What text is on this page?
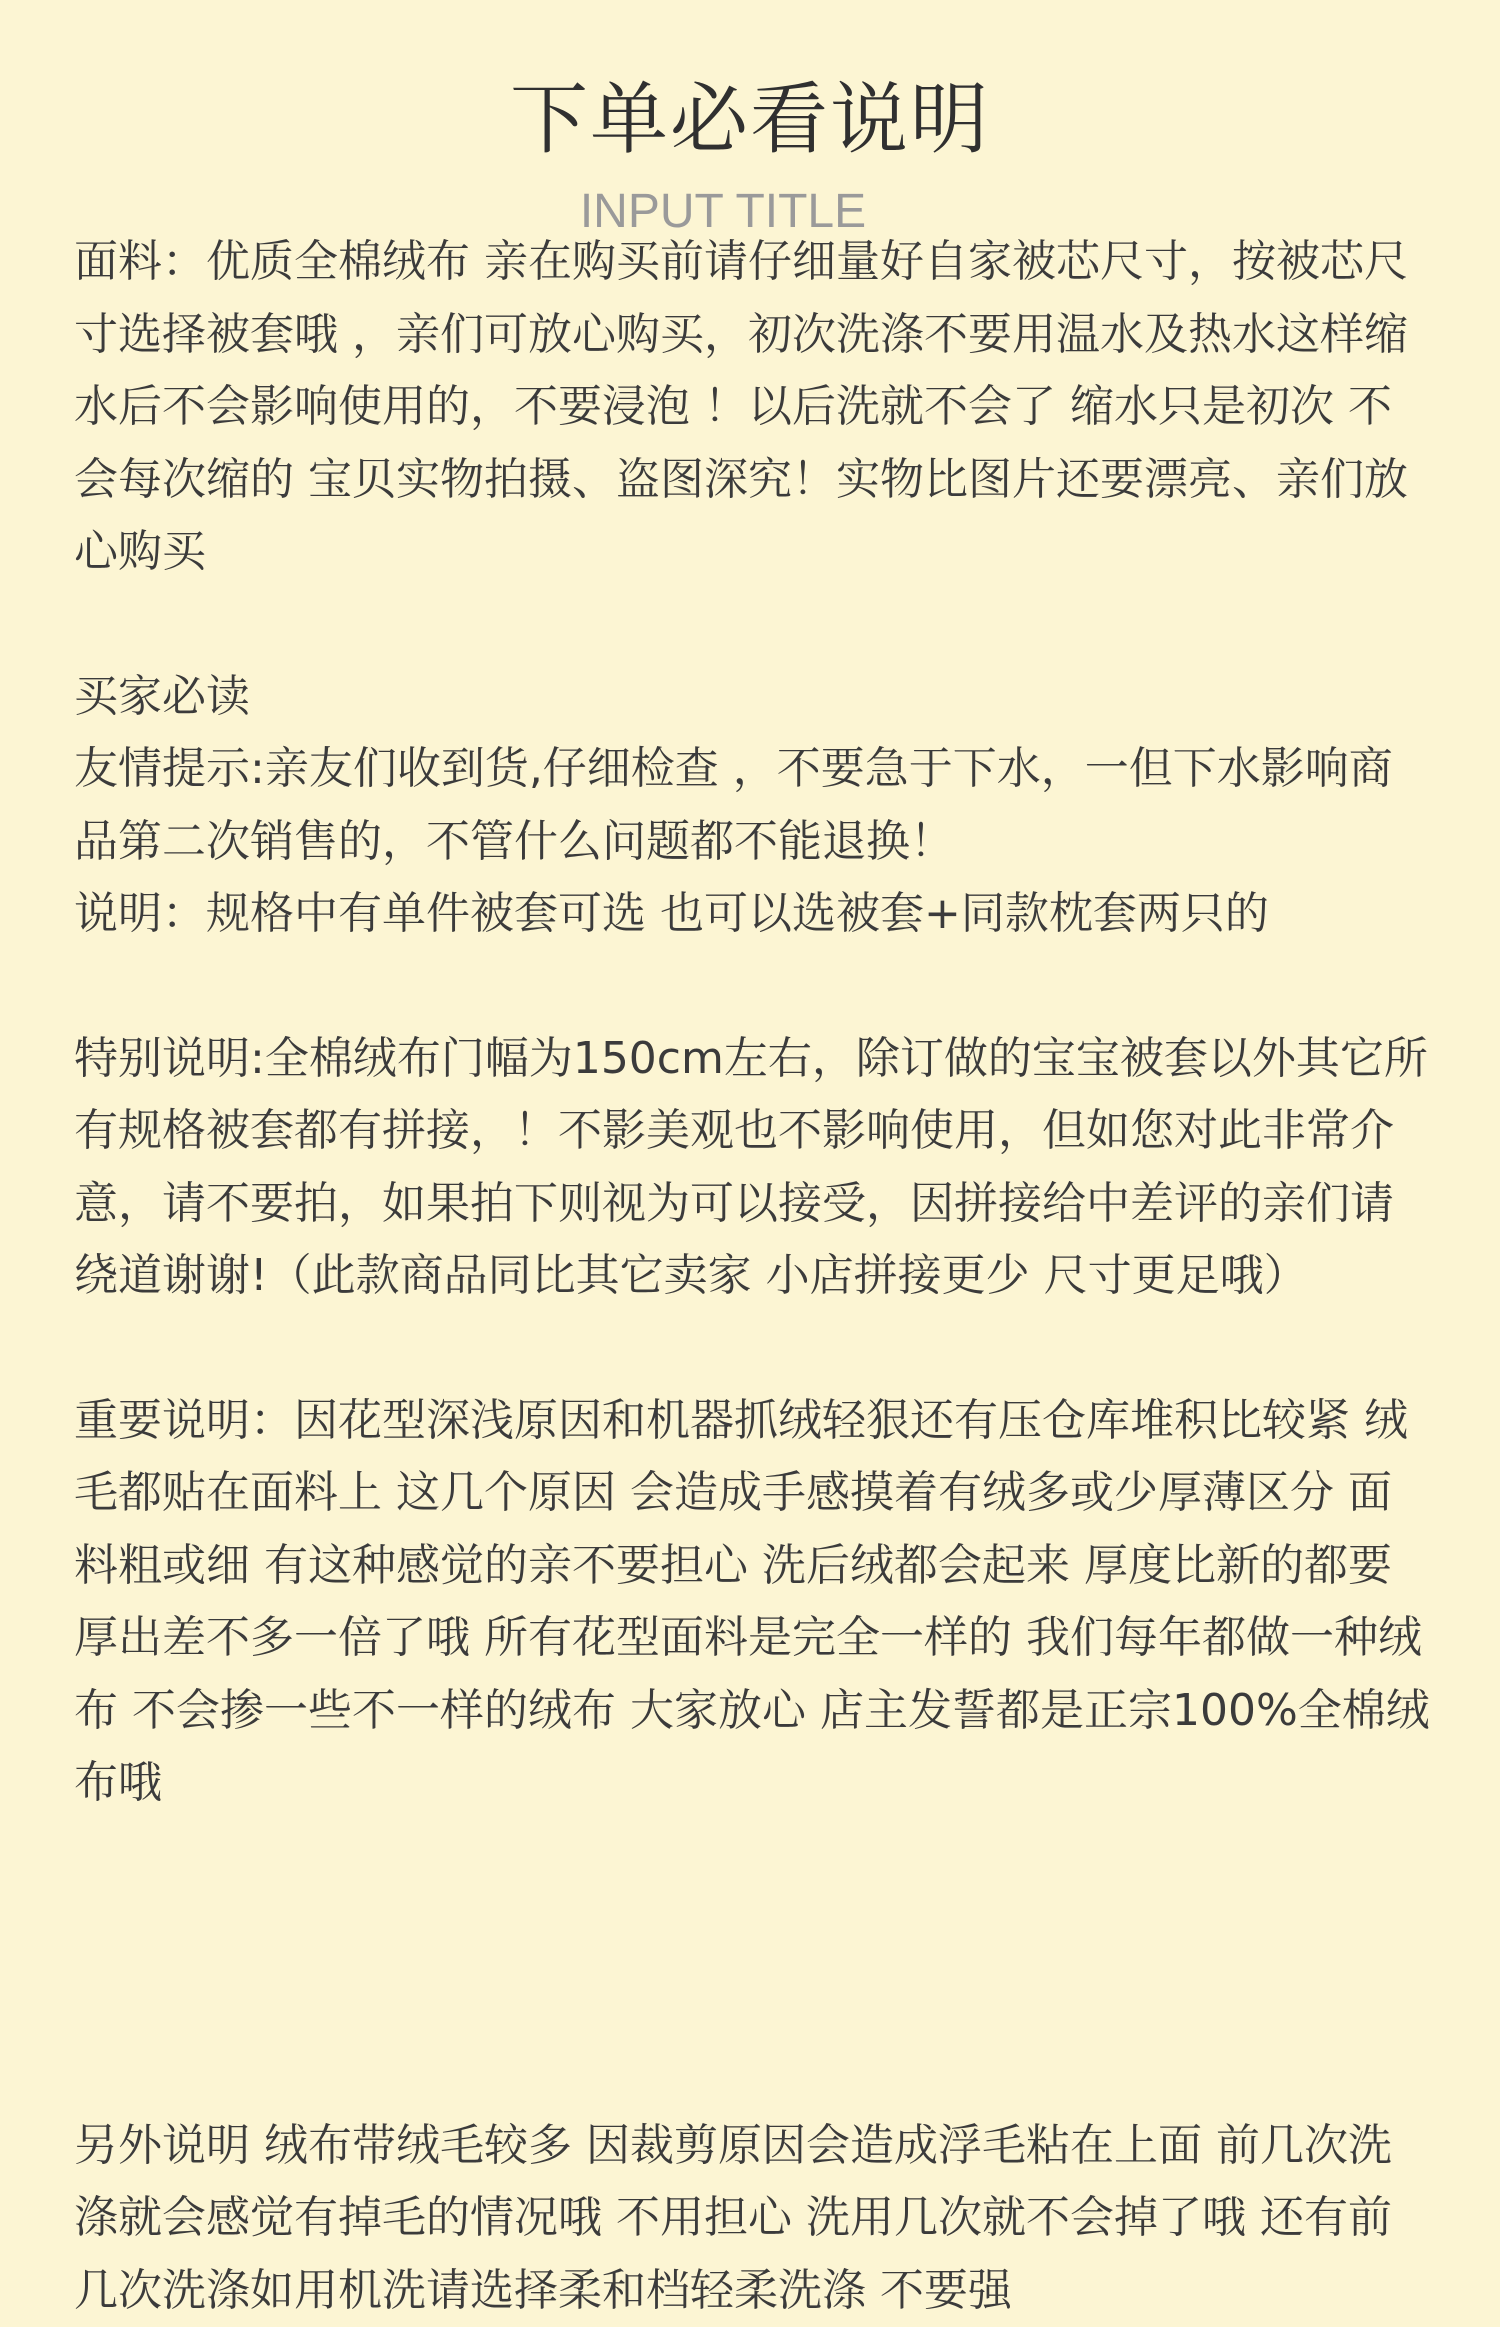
下单必看说明
INPUT TITLE

面料：优质全棉绒布 亲在购买前请仔细量好自家被芯尺寸，按被芯尺寸选择被套哦 ，亲们可放心购买，初次洗涤不要用温水及热水这样缩水后不会影响使用的，不要浸泡 ！以后洗就不会了 缩水只是初次 不会每次缩的 宝贝实物拍摄、盗图深究！实物比图片还要漂亮、亲们放心购买

买家必读

友情提示:亲友们收到货,仔细检查 ，不要急于下水，一但下水影响商品第二次销售的，不管什么问题都不能退换！

说明：规格中有单件被套可选 也可以选被套+同款枕套两只的

特别说明:全棉绒布门幅为150cm左右，除订做的宝宝被套以外其它所有规格被套都有拼接，！不影美观也不影响使用，但如您对此非常介意，请不要拍，如果拍下则视为可以接受，因拼接给中差评的亲们请绕道谢谢!（此款商品同比其它卖家 小店拼接更少 尺寸更足哦）

重要说明：因花型深浅原因和机器抓绒轻狠还有压仓库堆积比较紧 绒毛都贴在面料上 这几个原因 会造成手感摸着有绒多或少厚薄区分 面料粗或细 有这种感觉的亲不要担心 洗后绒都会起来 厚度比新的都要厚出差不多一倍了哦 所有花型面料是完全一样的 我们每年都做一种绒布 不会掺一些不一样的绒布 大家放心 店主发誓都是正宗100%全棉绒布哦

另外说明 绒布带绒毛较多 因裁剪原因会造成浮毛粘在上面 前几次洗涤就会感觉有掉毛的情况哦 不用担心 洗用几次就不会掉了哦 还有前几次洗涤如用机洗请选择柔和档轻柔洗涤 不要强
